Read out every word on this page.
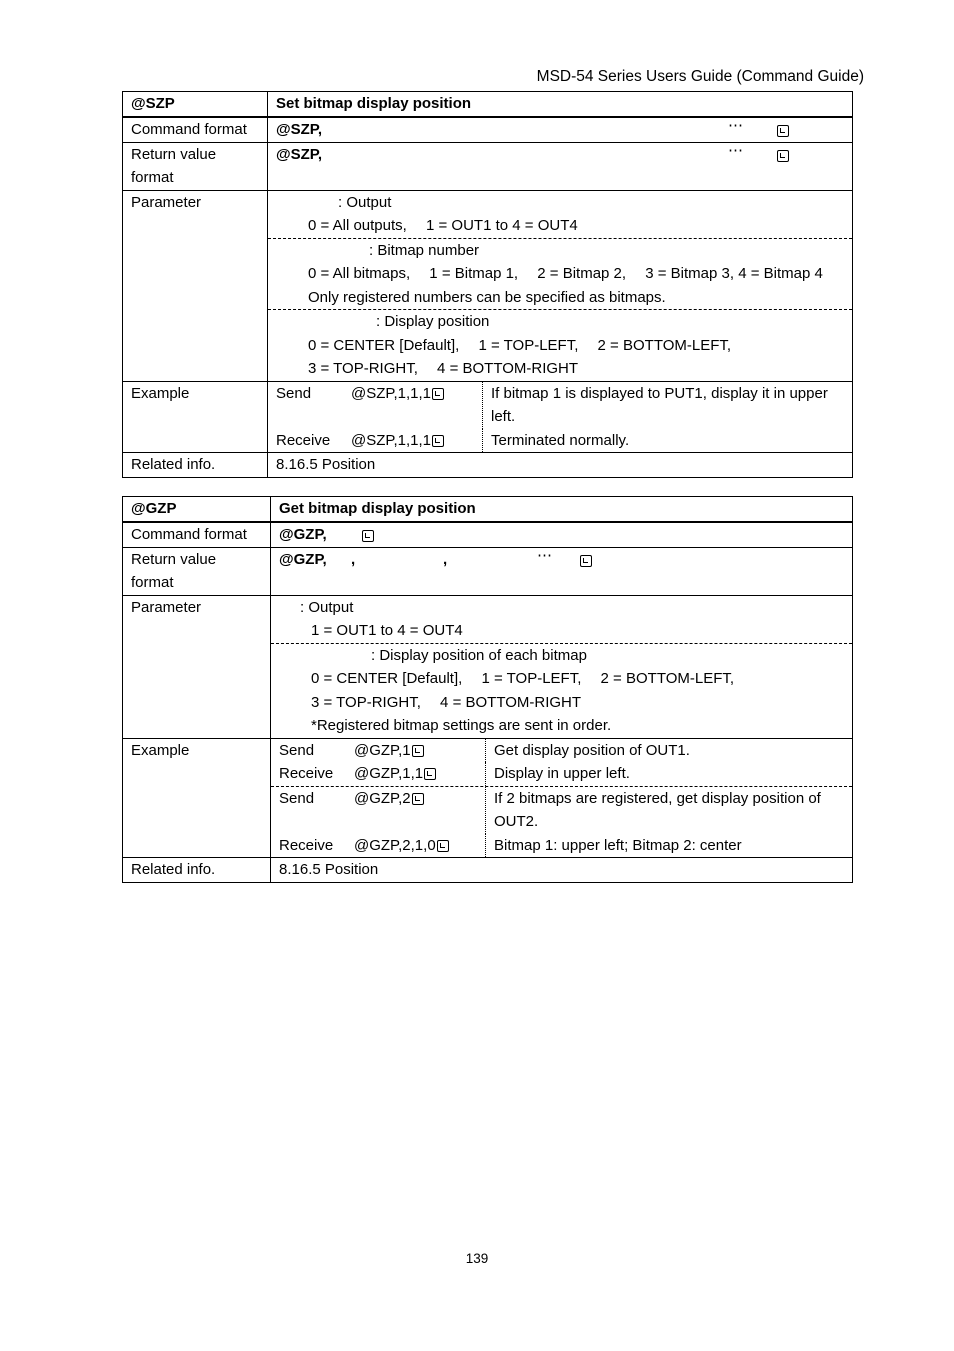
MSD-54 Series Users Guide (Command Guide)
@SZP	Set bitmap display position
Command format	@SZP,	⋯
Return value
format
@SZP,	⋯
Parameter	: Output
0 = All outputs,  1 = OUT1 to 4 = OUT4
: Bitmap number
0 = All bitmaps,  1 = Bitmap 1,  2 = Bitmap 2,  3 = Bitmap 3, 4 = Bitmap 4
Only registered numbers can be specified as bitmaps.
: Display position
0 = CENTER [Default],  1 = TOP-LEFT,  2 = BOTTOM-LEFT,
3 = TOP-RIGHT,  4 = BOTTOM-RIGHT
Example	Send	@SZP,1,1,1	If bitmap 1 is displayed to PUT1, display it in upper left.
Receive	@SZP,1,1,1	Terminated normally.
Related info.	8.16.5 Position
@GZP	Get bitmap display position
Command format	@GZP,
Return value
format
@GZP, ,	,	⋯
Parameter	: Output
1 = OUT1 to 4 = OUT4
: Display position of each bitmap
0 = CENTER [Default],  1 = TOP-LEFT,  2 = BOTTOM-LEFT,
3 = TOP-RIGHT,  4 = BOTTOM-RIGHT
*Registered bitmap settings are sent in order.
Example	Send	@GZP,1	Get display position of OUT1.
Receive	@GZP,1,1	Display in upper left.
Send	@GZP,2	If 2 bitmaps are registered, get display position of OUT2.
Receive	@GZP,2,1,0	Bitmap 1: upper left; Bitmap 2: center
Related info.	8.16.5 Position
139
